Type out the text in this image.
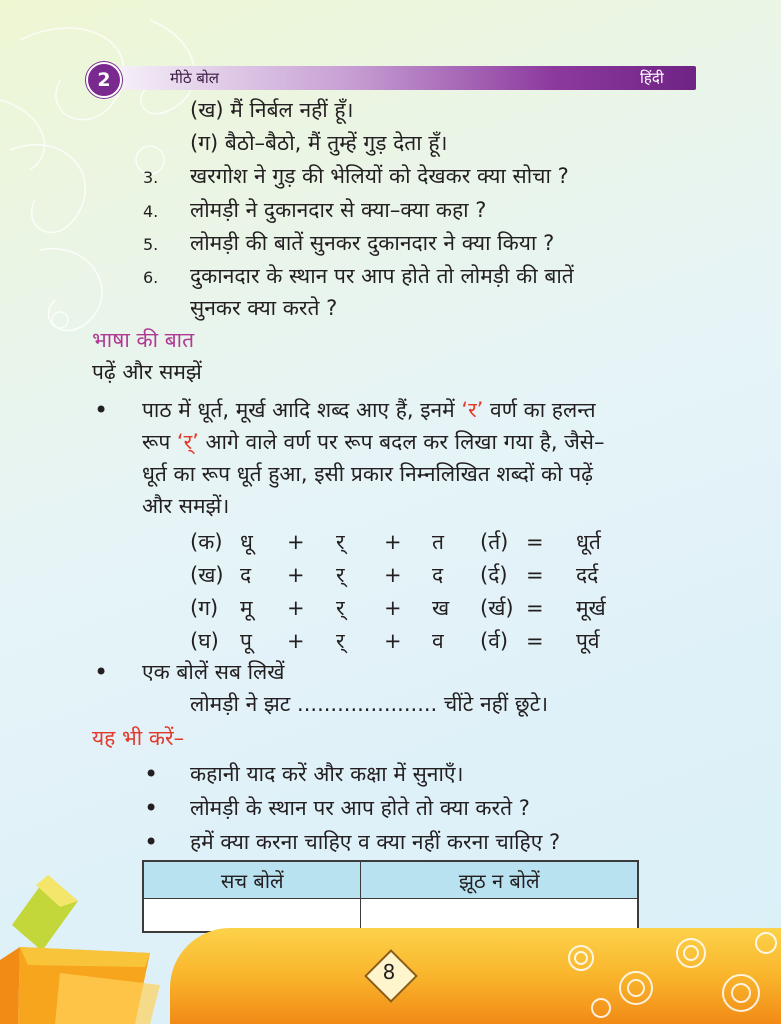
2	मीठे बोल	हिंदी
(ख) मैं निर्बल नहीं हूँ।
(ग) बैठो–बैठो, मैं तुम्हें गुड़ देता हूँ।
3. खरगोश ने गुड़ की भेलियों को देखकर क्या सोचा ?
4. लोमड़ी ने दुकानदार से क्या–क्या कहा ?
5. लोमड़ी की बातें सुनकर दुकानदार ने क्या किया ?
6. दुकानदार के स्थान पर आप होते तो लोमड़ी की बातें
सुनकर क्या करते ?
भाषा की बात
पढ़ें और समझें
• पाठ में धूर्त, मूर्ख आदि शब्द आए हैं, इनमें ‘र’ वर्ण का हलन्त
रूप ‘र्’ आगे वाले वर्ण पर रूप बदल कर लिखा गया है, जैसे–
धूर्त का रूप धूर्त हुआ, इसी प्रकार निम्नलिखित शब्दों को पढ़ें
और समझें।
(क) धू + र् + त (र्त) = धूर्त
(ख) द + र् + द (र्द) = दर्द
(ग) मू + र् + ख (र्ख) = मूर्ख
(घ) पू + र् + व (र्व) = पूर्व
• एक बोलें सब लिखें
लोमड़ी ने झट ..................... चींटे नहीं छूटे।
यह भी करें–
• कहानी याद करें और कक्षा में सुनाएँ।
• लोमड़ी के स्थान पर आप होते तो क्या करते ?
• हमें क्या करना चाहिए व क्या नहीं करना चाहिए ?
सच बोलें	झूठ न बोलें

8
